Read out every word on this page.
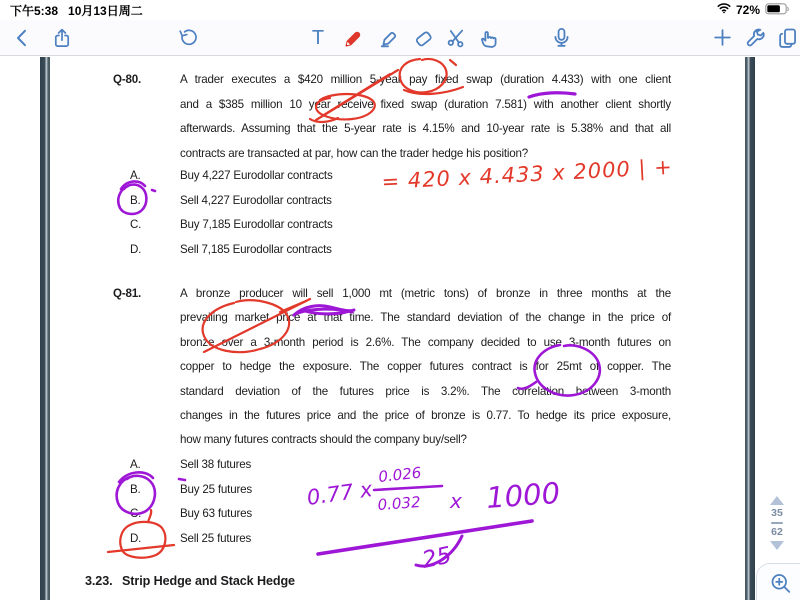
下午5:38 10月13日周二	72%
T
Q-80.	A trader executes a $420 million 5-year pay fixed swap (duration 4.433) with one client
and a $385 million 10 year receive fixed swap (duration 7.581) with another client shortly
afterwards. Assuming that the 5-year rate is 4.15% and 10-year rate is 5.38% and that all
contracts are transacted at par, how can the trader hedge his position?
A.	Buy 4,227 Eurodollar contracts
B.	Sell 4,227 Eurodollar contracts
C.	Buy 7,185 Eurodollar contracts
D.	Sell 7,185 Eurodollar contracts
Q-81.	A bronze producer will sell 1,000 mt (metric tons) of bronze in three months at the
prevailing market price at that time. The standard deviation of the change in the price of
bronze over a 3-month period is 2.6%. The company decided to use 3-month futures on
copper to hedge the exposure. The copper futures contract is for 25mt of copper. The
standard deviation of the futures price is 3.2%. The correlation between 3-month
changes in the futures price and the price of bronze is 0.77. To hedge its price exposure,
how many futures contracts should the company buy/sell?
A.	Sell 38 futures
B.	Buy 25 futures
C.	Buy 63 futures
D.	Sell 25 futures
3.23. Strip Hedge and Stack Hedge
= 420 x 4.433 x 2000 | +
0.77 x
0.026
0.032 x 1000
25
35
62
